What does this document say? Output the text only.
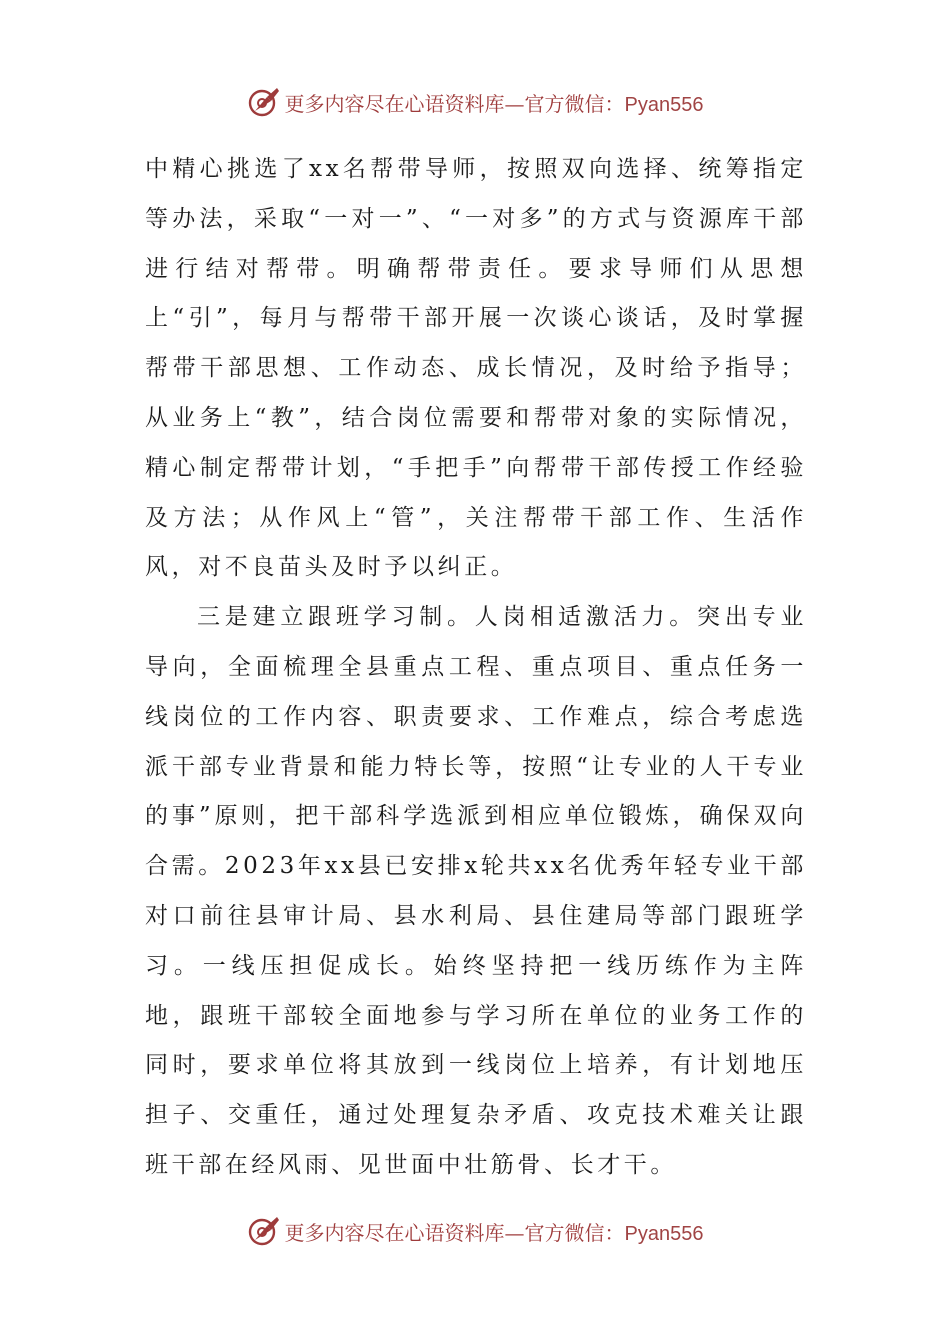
更多内容尽在心语资料库—官方微信：Pyan556

中精心挑选了xx名帮带导师，按照双向选择、统筹指定等办法，采取“一对一”、“一对多”的方式与资源库干部进行结对帮带。明确帮带责任。要求导师们从思想上“引”，每月与帮带干部开展一次谈心谈话，及时掌握帮带干部思想、工作动态、成长情况，及时给予指导；从业务上“教”，结合岗位需要和帮带对象的实际情况，精心制定帮带计划，“手把手”向帮带干部传授工作经验及方法；从作风上“管”，关注帮带干部工作、生活作风，对不良苗头及时予以纠正。

三是建立跟班学习制。人岗相适激活力。突出专业导向，全面梳理全县重点工程、重点项目、重点任务一线岗位的工作内容、职责要求、工作难点，综合考虑选派干部专业背景和能力特长等，按照“让专业的人干专业的事”原则，把干部科学选派到相应单位锻炼，确保双向合需。2023年xx县已安排x轮共xx名优秀年轻专业干部对口前往县审计局、县水利局、县住建局等部门跟班学习。一线压担促成长。始终坚持把一线历练作为主阵地，跟班干部较全面地参与学习所在单位的业务工作的同时，要求单位将其放到一线岗位上培养，有计划地压担子、交重任，通过处理复杂矛盾、攻克技术难关让跟班干部在经风雨、见世面中壮筋骨、长才干。

更多内容尽在心语资料库—官方微信：Pyan556
